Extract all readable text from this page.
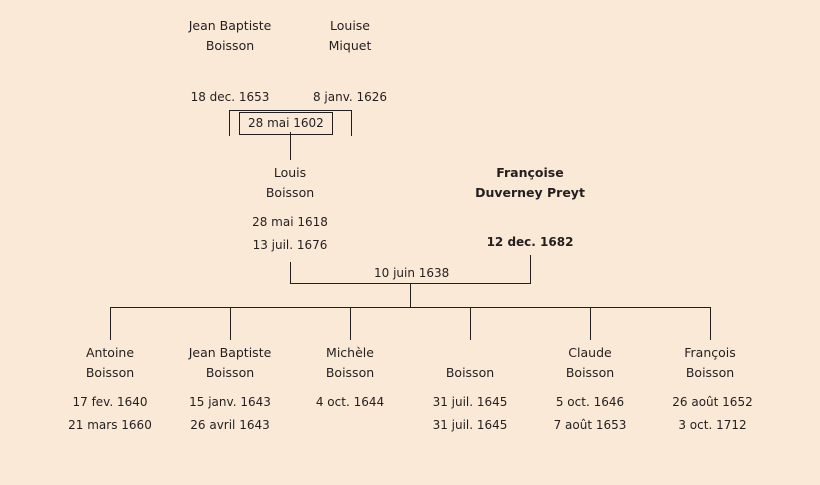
Jean Baptiste
Boisson
18 dec. 1653
Louise
Miquet
8 janv. 1626
28 mai 1602
Louis
Boisson
28 mai 1618
13 juil. 1676
Françoise
Duverney Preyt
12 dec. 1682
10 juin 1638
Antoine
Boisson
17 fev. 1640
21 mars 1660
Jean Baptiste
Boisson
15 janv. 1643
26 avril 1643
Michèle
Boisson
4 oct. 1644
Boisson
31 juil. 1645
31 juil. 1645
Claude
Boisson
5 oct. 1646
7 août 1653
François
Boisson
26 août 1652
3 oct. 1712
